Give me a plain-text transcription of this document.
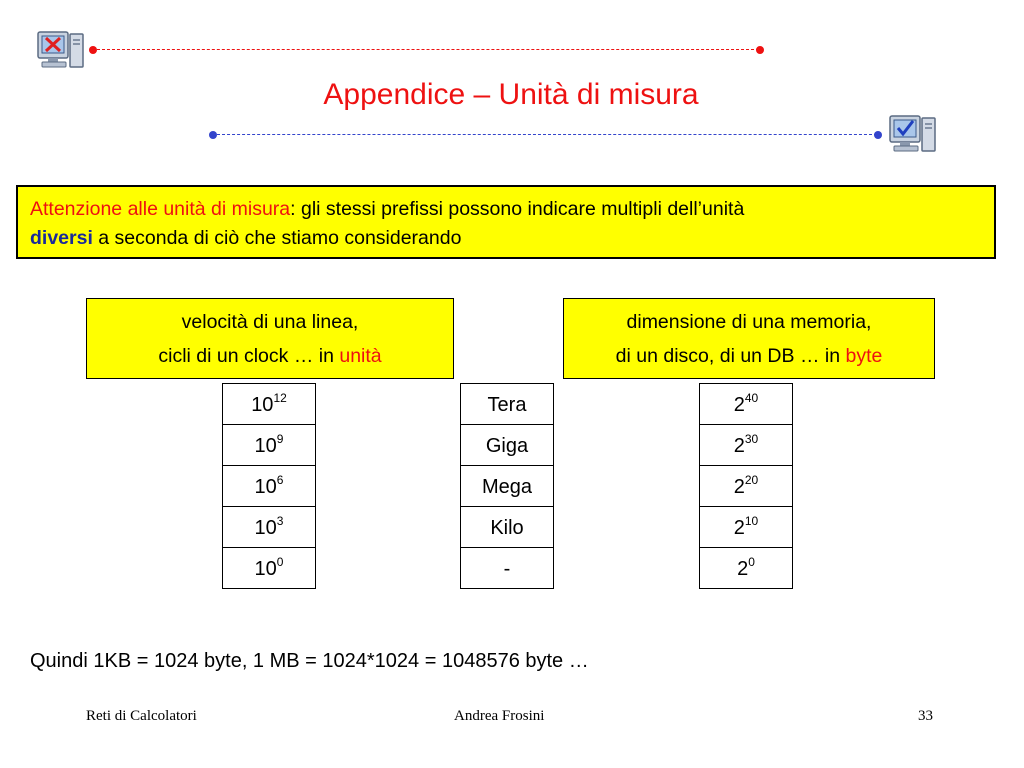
Appendice – Unità di misura
Attenzione alle unità di misura: gli stessi prefissi possono indicare multipli dell’unità
diversi a seconda di ciò che stiamo considerando
velocità di una linea,
cicli di un clock … in unità
dimensione di una memoria,
di un disco, di un DB … in byte
$10^{12}$
$10^9$
$10^6$
$10^3$
$10^0$
Tera
Giga
Mega
Kilo
-
$2^{40}$
$2^{30}$
$2^{20}$
$2^{10}$
$2^0$
Quindi 1KB = 1024 byte, 1 MB = 1024*1024 = 1048576 byte …
Reti di Calcolatori	Andrea Frosini	33
